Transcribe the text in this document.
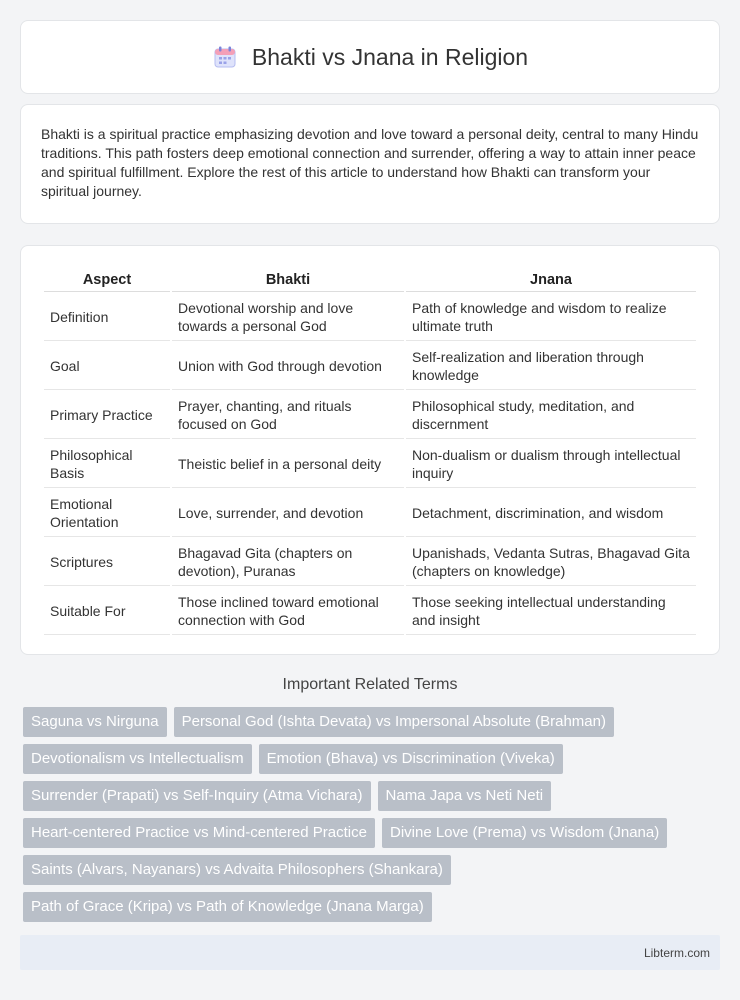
Bhakti vs Jnana in Religion

Bhakti is a spiritual practice emphasizing devotion and love toward a personal deity, central to many Hindu traditions. This path fosters deep emotional connection and surrender, offering a way to attain inner peace and spiritual fulfillment. Explore the rest of this article to understand how Bhakti can transform your spiritual journey.

Aspect	Bhakti	Jnana
Definition	Devotional worship and love towards a personal God	Path of knowledge and wisdom to realize ultimate truth
Goal	Union with God through devotion	Self-realization and liberation through knowledge
Primary Practice	Prayer, chanting, and rituals focused on God	Philosophical study, meditation, and discernment
Philosophical Basis	Theistic belief in a personal deity	Non-dualism or dualism through intellectual inquiry
Emotional Orientation	Love, surrender, and devotion	Detachment, discrimination, and wisdom
Scriptures	Bhagavad Gita (chapters on devotion), Puranas	Upanishads, Vedanta Sutras, Bhagavad Gita (chapters on knowledge)
Suitable For	Those inclined toward emotional connection with God	Those seeking intellectual understanding and insight
Important Related Terms
Saguna vs Nirguna	Personal God (Ishta Devata) vs Impersonal Absolute (Brahman)
Devotionalism vs Intellectualism	Emotion (Bhava) vs Discrimination (Viveka)
Surrender (Prapati) vs Self-Inquiry (Atma Vichara)	Nama Japa vs Neti Neti
Heart-centered Practice vs Mind-centered Practice	Divine Love (Prema) vs Wisdom (Jnana)
Saints (Alvars, Nayanars) vs Advaita Philosophers (Shankara)
Path of Grace (Kripa) vs Path of Knowledge (Jnana Marga)
Libterm.com
